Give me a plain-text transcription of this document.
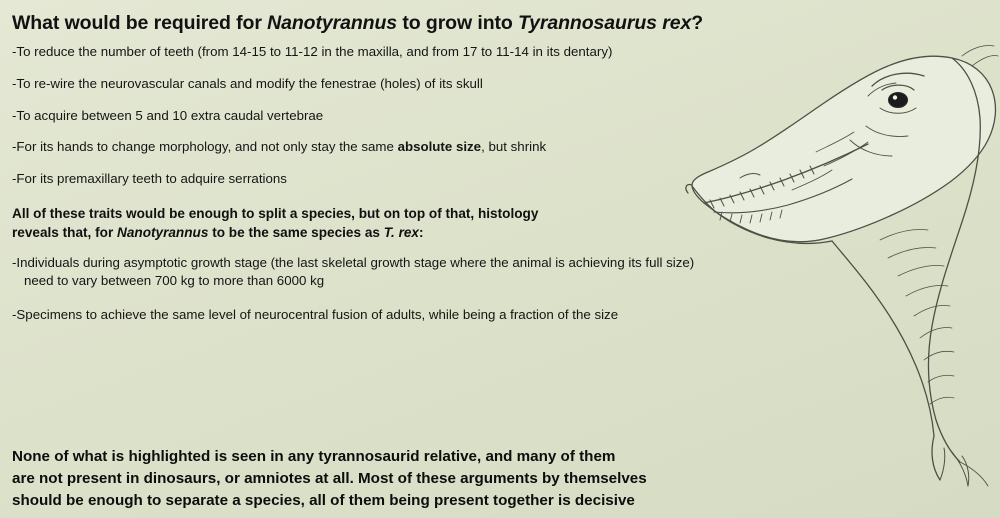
What would be required for Nanotyrannus to grow into Tyrannosaurus rex?

-To reduce the number of teeth (from 14-15 to 11-12 in the maxilla, and from 17 to 11-14 in its dentary)

-To re-wire the neurovascular canals and modify the fenestrae (holes) of its skull

-To acquire between 5 and 10 extra caudal vertebrae

-For its hands to change morphology, and not only stay the same absolute size, but shrink

-For its premaxillary teeth to adquire serrations

All of these traits would be enough to split a species, but on top of that, histology
reveals that, for Nanotyrannus to be the same species as T. rex:

-Individuals during asymptotic growth stage (the last skeletal growth stage where the animal is achieving its full size)
need to vary between 700 kg to more than 6000 kg

-Specimens to achieve the same level of neurocentral fusion of adults, while being a fraction of the size

None of what is highlighted is seen in any tyrannosaurid relative, and many of them
are not present in dinosaurs, or amniotes at all. Most of these arguments by themselves
should be enough to separate a species, all of them being present together is decisive
